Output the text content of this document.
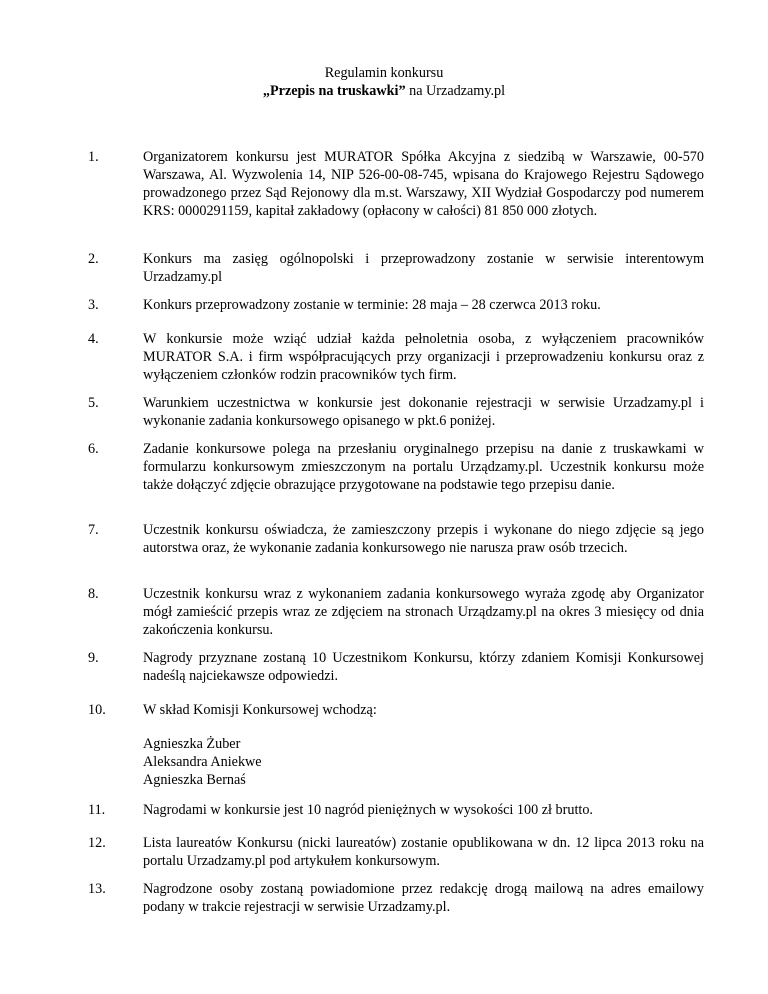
Regulamin konkursu
„Przepis na truskawki” na Urzadzamy.pl
1.	Organizatorem konkursu jest MURATOR Spółka Akcyjna z siedzibą w Warszawie, 00-570 Warszawa, Al. Wyzwolenia 14, NIP 526-00-08-745, wpisana do Krajowego Rejestru Sądowego prowadzonego przez Sąd Rejonowy dla m.st. Warszawy, XII Wydział Gospodarczy pod numerem KRS: 0000291159, kapitał zakładowy (opłacony w całości) 81 850 000 złotych.
2.	Konkurs ma zasięg ogólnopolski i przeprowadzony zostanie w serwisie interentowym Urzadzamy.pl
3.	Konkurs przeprowadzony zostanie w terminie: 28 maja – 28 czerwca 2013 roku.
4.	W konkursie może wziąć udział każda pełnoletnia osoba, z wyłączeniem pracowników MURATOR S.A. i firm współpracujących przy organizacji i przeprowadzeniu konkursu oraz z wyłączeniem członków rodzin pracowników tych firm.
5.	Warunkiem uczestnictwa w konkursie jest dokonanie rejestracji w serwisie Urzadzamy.pl i wykonanie zadania konkursowego opisanego w pkt.6 poniżej.
6.	Zadanie konkursowe polega na przesłaniu oryginalnego przepisu na danie z truskawkami w formularzu konkursowym zmieszczonym na portalu Urządzamy.pl. Uczestnik konkursu może także dołączyć zdjęcie obrazujące przygotowane na podstawie tego przepisu danie.
7.	Uczestnik konkursu oświadcza, że zamieszczony przepis i wykonane do niego zdjęcie są jego autorstwa oraz, że wykonanie zadania konkursowego nie narusza praw osób trzecich.
8.	Uczestnik konkursu wraz z wykonaniem zadania konkursowego wyraża zgodę aby Organizator mógł zamieścić przepis wraz ze zdjęciem na stronach Urządzamy.pl na okres 3 miesięcy od dnia zakończenia konkursu.
9.	Nagrody przyznane zostaną 10 Uczestnikom Konkursu, którzy zdaniem Komisji Konkursowej nadeślą najciekawsze odpowiedzi.
10.	W skład Komisji Konkursowej wchodzą:
Agnieszka Żuber
Aleksandra Aniekwe
Agnieszka Bernaś
11.	Nagrodami w konkursie jest 10 nagród pieniężnych w wysokości 100 zł brutto.
12.	Lista laureatów Konkursu (nicki laureatów) zostanie opublikowana w dn. 12 lipca 2013 roku na portalu Urzadzamy.pl pod artykułem konkursowym.
13.	Nagrodzone osoby zostaną powiadomione przez redakcję drogą mailową na adres emailowy podany w trakcie rejestracji w serwisie Urzadzamy.pl.
